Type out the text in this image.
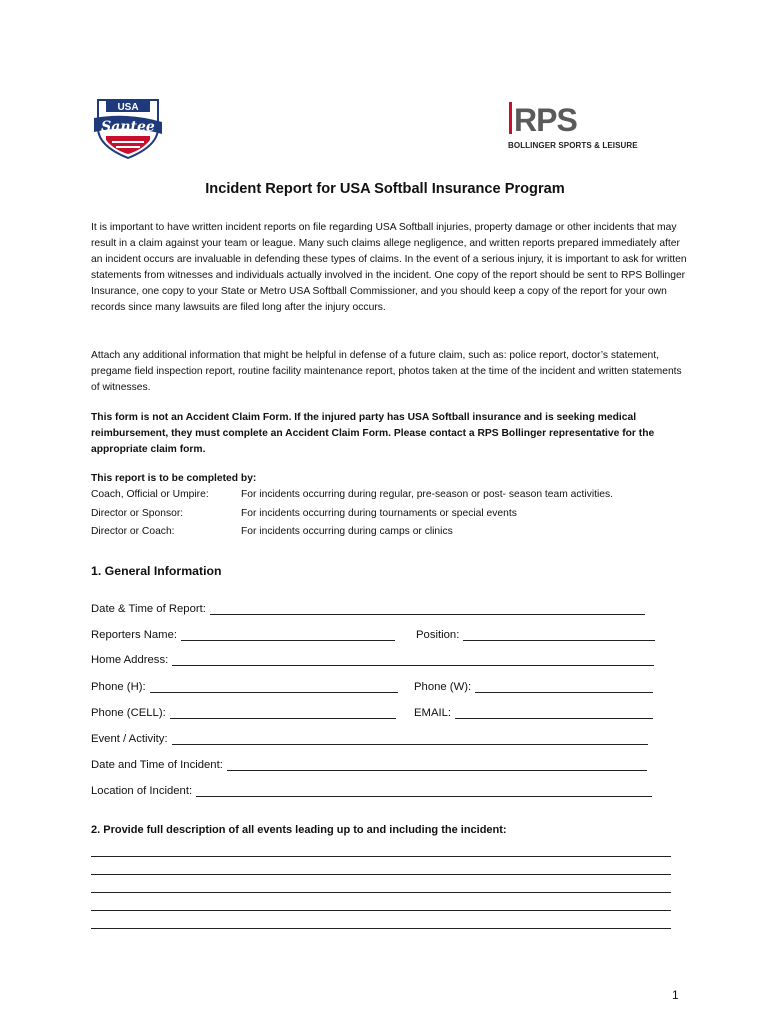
USA
Santee	RPS
BOLLINGER SPORTS & LEISURE
Incident Report for USA Softball Insurance Program

It is important to have written incident reports on file regarding USA Softball injuries, property damage or other incidents that may result in a claim against your team or league. Many such claims allege negligence, and written reports prepared immediately after an incident occurs are invaluable in defending these types of claims. In the event of a serious injury, it is important to ask for written statements from witnesses and individuals actually involved in the incident. One copy of the report should be sent to RPS Bollinger Insurance, one copy to your State or Metro USA Softball Commissioner, and you should keep a copy of the report for your own records since many lawsuits are filed long after the injury occurs.

Attach any additional information that might be helpful in defense of a future claim, such as: police report, doctor’s statement, pregame field inspection report, routine facility maintenance report, photos taken at the time of the incident and written statements of witnesses.

This form is not an Accident Claim Form. If the injured party has USA Softball insurance and is seeking medical reimbursement, they must complete an Accident Claim Form. Please contact a RPS Bollinger representative for the appropriate claim form.

This report is to be completed by:
Coach, Official or Umpire:	For incidents occurring during regular, pre-season or post- season team activities.
Director or Sponsor:	For incidents occurring during tournaments or special events
Director or Coach:	For incidents occurring during camps or clinics
1. General Information
Date & Time of Report:
Reporters Name:	Position:
Home Address:
Phone (H):	Phone (W):
Phone (CELL):	EMAIL:
Event / Activity:
Date and Time of Incident:
Location of Incident:
2. Provide full description of all events leading up to and including the incident:
1
